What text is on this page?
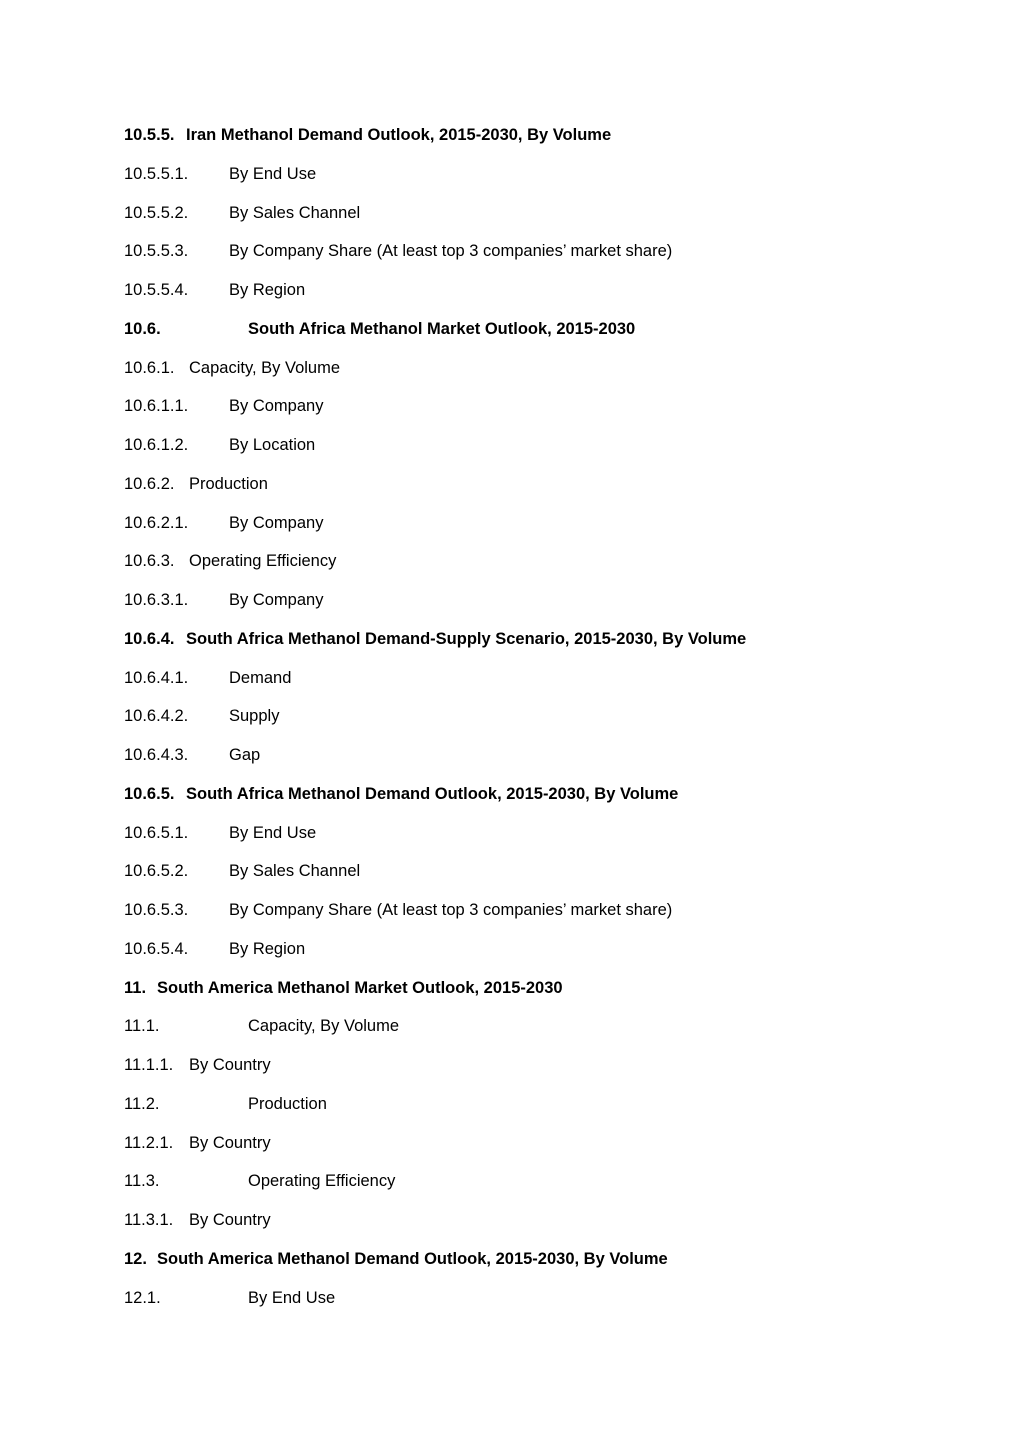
10.5.5. Iran Methanol Demand Outlook, 2015-2030, By Volume
10.5.5.1.	By End Use
10.5.5.2.	By Sales Channel
10.5.5.3.	By Company Share (At least top 3 companies’ market share)
10.5.5.4.	By Region
10.6.	South Africa Methanol Market Outlook, 2015-2030
10.6.1. Capacity, By Volume
10.6.1.1.	By Company
10.6.1.2.	By Location
10.6.2. Production
10.6.2.1.	By Company
10.6.3. Operating Efficiency
10.6.3.1.	By Company
10.6.4. South Africa Methanol Demand-Supply Scenario, 2015-2030, By Volume
10.6.4.1.	Demand
10.6.4.2.	Supply
10.6.4.3.	Gap
10.6.5. South Africa Methanol Demand Outlook, 2015-2030, By Volume
10.6.5.1.	By End Use
10.6.5.2.	By Sales Channel
10.6.5.3.	By Company Share (At least top 3 companies’ market share)
10.6.5.4.	By Region
11. South America Methanol Market Outlook, 2015-2030
11.1.	Capacity, By Volume
11.1.1. By Country
11.2.	Production
11.2.1. By Country
11.3.	Operating Efficiency
11.3.1. By Country
12. South America Methanol Demand Outlook, 2015-2030, By Volume
12.1.	By End Use
